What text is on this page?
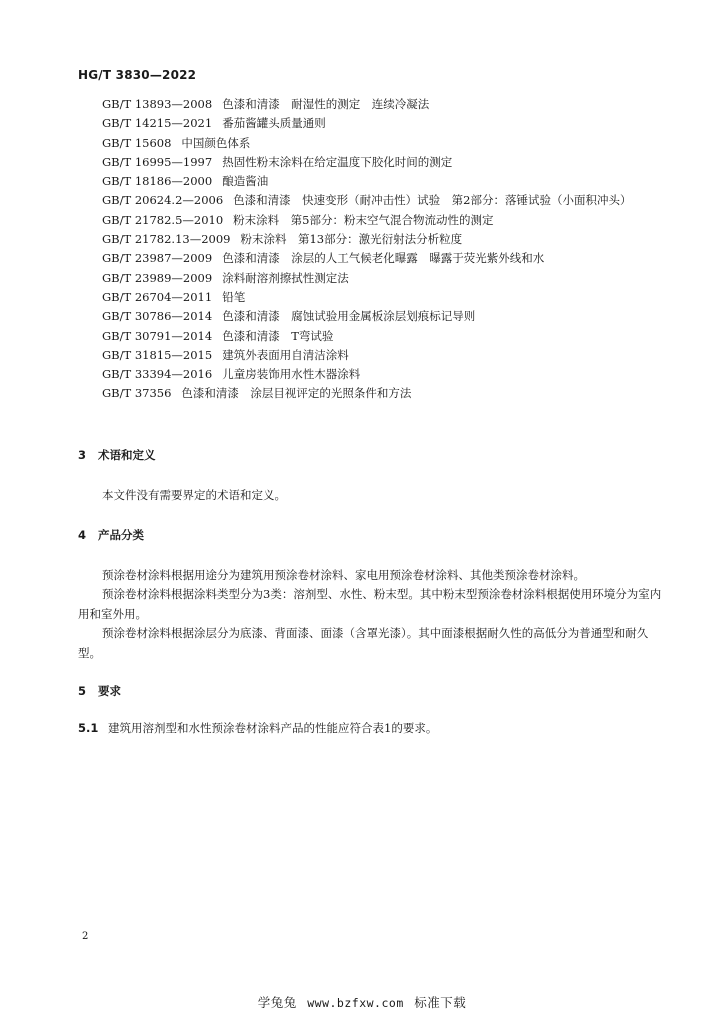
HG/T 3830—2022
GB/T 13893—2008 色漆和清漆　耐湿性的测定　连续冷凝法
GB/T 14215—2021 番茄酱罐头质量通则
GB/T 15608 中国颜色体系
GB/T 16995—1997 热固性粉末涂料在给定温度下胶化时间的测定
GB/T 18186—2000 酿造酱油
GB/T 20624.2—2006 色漆和清漆　快速变形（耐冲击性）试验　第2部分：落锤试验（小面积冲头）
GB/T 21782.5—2010 粉末涂料　第5部分：粉末空气混合物流动性的测定
GB/T 21782.13—2009 粉末涂料　第13部分：激光衍射法分析粒度
GB/T 23987—2009 色漆和清漆　涂层的人工气候老化曝露　曝露于荧光紫外线和水
GB/T 23989—2009 涂料耐溶剂擦拭性测定法
GB/T 26704—2011 铅笔
GB/T 30786—2014 色漆和清漆　腐蚀试验用金属板涂层划痕标记导则
GB/T 30791—2014 色漆和清漆　T弯试验
GB/T 31815—2015 建筑外表面用自清洁涂料
GB/T 33394—2016 儿童房装饰用水性木器涂料
GB/T 37356 色漆和清漆　涂层目视评定的光照条件和方法
3 术语和定义

本文件没有需要界定的术语和定义。

4 产品分类

预涂卷材涂料根据用途分为建筑用预涂卷材涂料、家电用预涂卷材涂料、其他类预涂卷材涂料。

预涂卷材涂料根据涂料类型分为3类：溶剂型、水性、粉末型。其中粉末型预涂卷材涂料根据使用环境分为室内用和室外用。

预涂卷材涂料根据涂层分为底漆、背面漆、面漆（含罩光漆）。其中面漆根据耐久性的高低分为普通型和耐久型。

5 要求
5.1 建筑用溶剂型和水性预涂卷材涂料产品的性能应符合表1的要求。
2
学兔兔 www.bzfxw.com 标准下载
